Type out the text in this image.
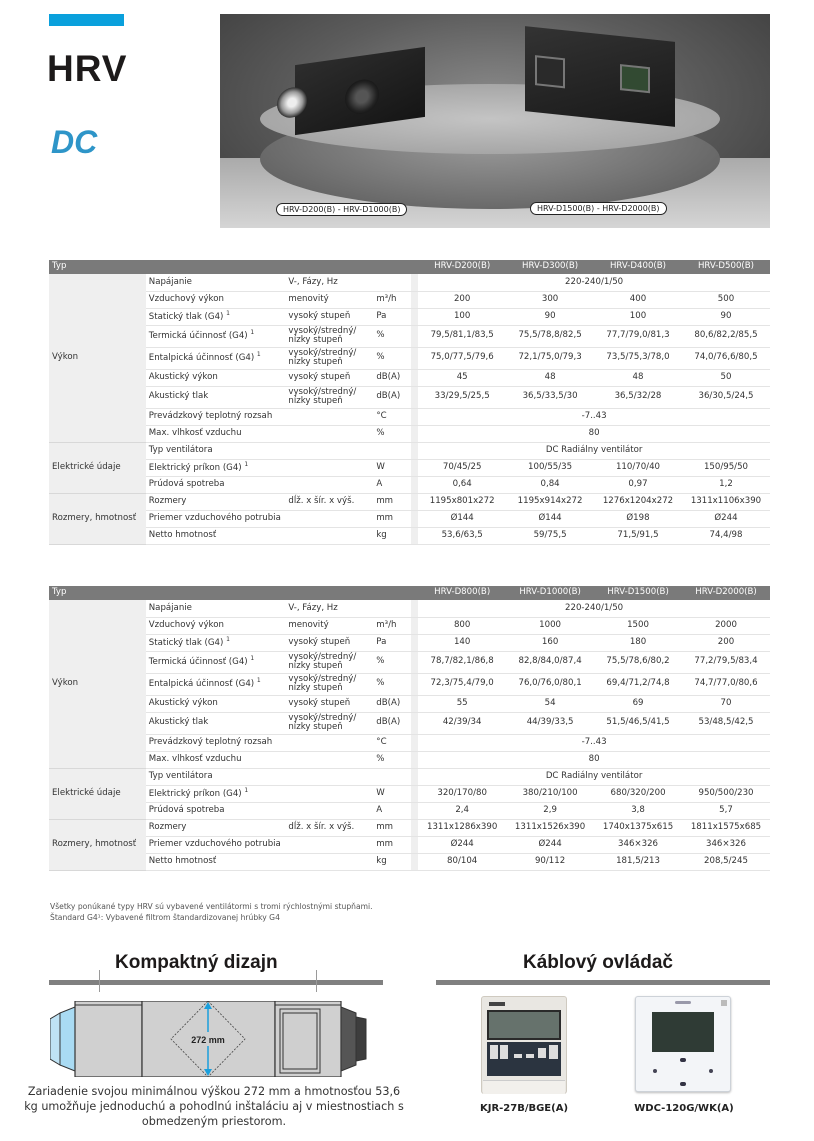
HRV
DC
HRV-D200(B) - HRV-D1000(B)	HRV-D1500(B) - HRV-D2000(B)
Typ					HRV-D200(B)	HRV-D300(B)	HRV-D400(B)	HRV-D500(B)
Výkon	Napájanie	V-, Fázy, Hz			220-240/1/50			
	Vzduchový výkon	menovitý	m³/h		200	300	400	500
	Statický tlak (G4) $^1$	vysoký stupeň	Pa		100	90	100	90
	Termická účinnosť (G4) $^1$	vysoký/stredný/ nízky stupeň	%		79,5/81,1/83,5	75,5/78,8/82,5	77,7/79,0/81,3	80,6/82,2/85,5
	Entalpická účinnosť (G4) $^1$	vysoký/stredný/ nízky stupeň	%		75,0/77,5/79,6	72,1/75,0/79,3	73,5/75,3/78,0	74,0/76,6/80,5
	Akustický výkon	vysoký stupeň	dB(A)		45	48	48	50
	Akustický tlak	vysoký/stredný/ nízky stupeň	dB(A)		33/29,5/25,5	36,5/33,5/30	36,5/32/28	36/30,5/24,5
	Prevádzkový teplotný rozsah		°C		-7..43			
	Max. vlhkosť vzduchu		%		80			
Elektrické údaje	Typ ventilátora				DC Radiálny ventilátor			
	Elektrický príkon (G4) $^1$		W		70/45/25	100/55/35	110/70/40	150/95/50
	Prúdová spotreba		A		0,64	0,84	0,97	1,2
Rozmery, hmotnosť	Rozmery	dĺž. x šír. x výš.	mm		1195x801x272	1195x914x272	1276x1204x272	1311x1106x390
	Priemer vzduchového potrubia		mm		Ø144	Ø144	Ø198	Ø244
	Netto hmotnosť		kg		53,6/63,5	59/75,5	71,5/91,5	74,4/98
Typ					HRV-D800(B)	HRV-D1000(B)	HRV-D1500(B)	HRV-D2000(B)
Výkon	Napájanie	V-, Fázy, Hz			220-240/1/50			
	Vzduchový výkon	menovitý	m³/h		800	1000	1500	2000
	Statický tlak (G4) $^1$	vysoký stupeň	Pa		140	160	180	200
	Termická účinnosť (G4) $^1$	vysoký/stredný/ nízky stupeň	%		78,7/82,1/86,8	82,8/84,0/87,4	75,5/78,6/80,2	77,2/79,5/83,4
	Entalpická účinnosť (G4) $^1$	vysoký/stredný/ nízky stupeň	%		72,3/75,4/79,0	76,0/76,0/80,1	69,4/71,2/74,8	74,7/77,0/80,6
	Akustický výkon	vysoký stupeň	dB(A)		55	54	69	70
	Akustický tlak	vysoký/stredný/ nízky stupeň	dB(A)		42/39/34	44/39/33,5	51,5/46,5/41,5	53/48,5/42,5
	Prevádzkový teplotný rozsah		°C		-7..43			
	Max. vlhkosť vzduchu		%		80			
Elektrické údaje	Typ ventilátora				DC Radiálny ventilátor			
	Elektrický príkon (G4) $^1$		W		320/170/80	380/210/100	680/320/200	950/500/230
	Prúdová spotreba		A		2,4	2,9	3,8	5,7
Rozmery, hmotnosť	Rozmery	dĺž. x šír. x výš.	mm		1311x1286x390	1311x1526x390	1740x1375x615	1811x1575x685
	Priemer vzduchového potrubia		mm		Ø244	Ø244	346×326	346×326
	Netto hmotnosť		kg		80/104	90/112	181,5/213	208,5/245
Všetky ponúkané typy HRV sú vybavené ventilátormi s tromi rýchlostnými stupňami.
Štandard G4¹: Vybavené filtrom štandardizovanej hrúbky G4
Kompaktný dizajn
272 mm
Zariadenie svojou minimálnou výškou 272 mm a hmotnosťou 53,6 kg umožňuje jednoduchú a pohodlnú inštaláciu aj v miestnostiach s obmedzeným priestorom.
Káblový ovládač
KJR-27B/BGE(A)	WDC-120G/WK(A)
